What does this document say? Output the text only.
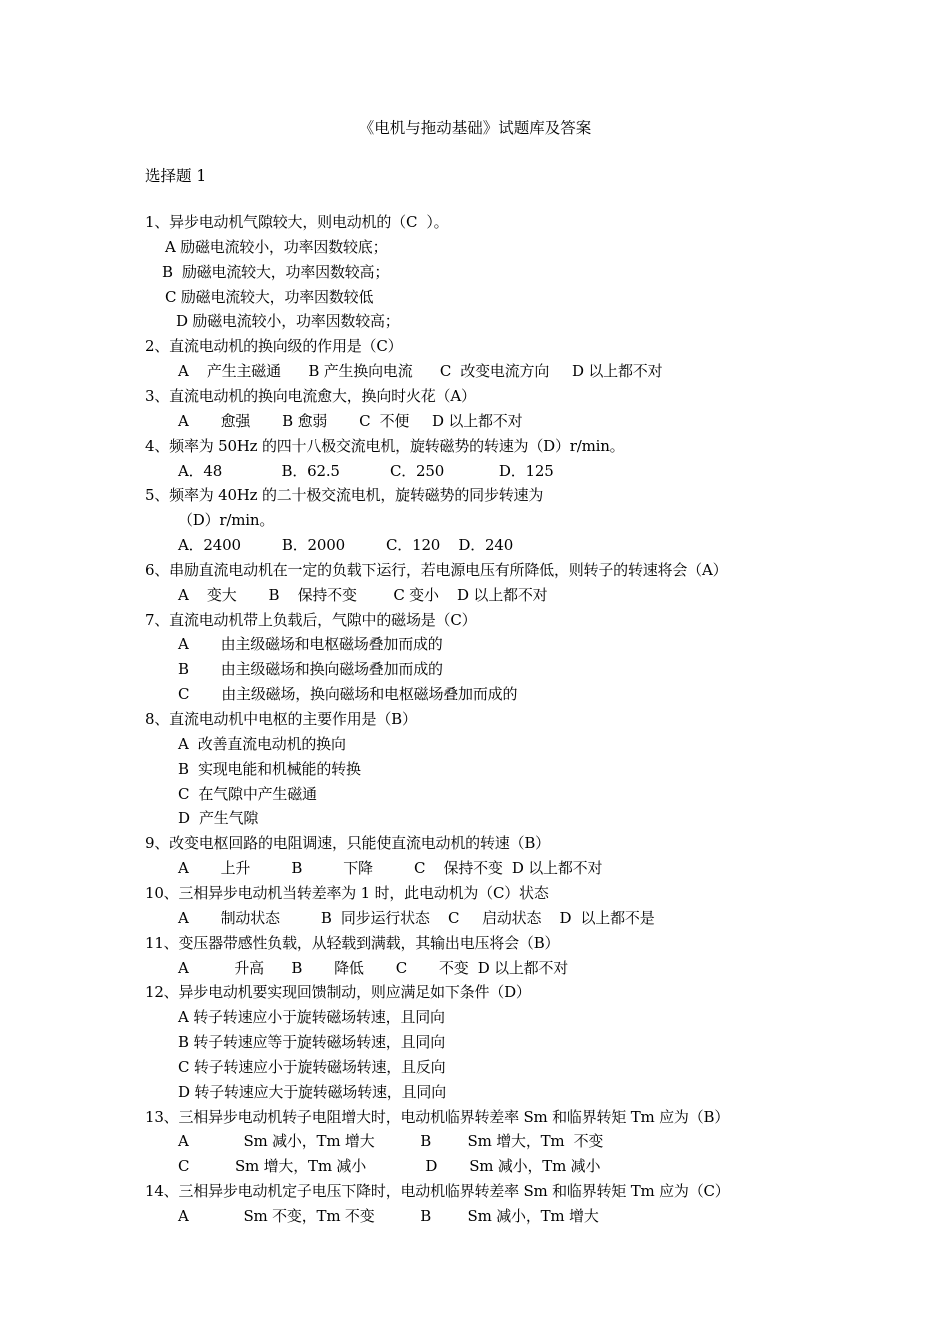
《电机与拖动基础》试题库及答案
选择题 1
1、异步电动机气隙较大，则电动机的（C  ）。
A 励磁电流较小，功率因数较底；
B  励磁电流较大，功率因数较高；
C 励磁电流较大，功率因数较低
D 励磁电流较小，功率因数较高；
2、直流电动机的换向级的作用是（C）
A    产生主磁通      B 产生换向电流      C  改变电流方向     D 以上都不对
3、直流电动机的换向电流愈大，换向时火花（A）
A       愈强       B 愈弱       C  不便     D 以上都不对
4、频率为 50Hz 的四十八极交流电机，旋转磁势的转速为（D）r/min。
A．48             B．62.5           C．250            D．125
5、频率为 40Hz 的二十极交流电机，旋转磁势的同步转速为
（D）r/min。
A．2400         B．2000         C．120    D．240
6、串励直流电动机在一定的负载下运行，若电源电压有所降低，则转子的转速将会（A）
A    变大       B    保持不变        C 变小    D 以上都不对
7、直流电动机带上负载后，气隙中的磁场是（C）
A       由主级磁场和电枢磁场叠加而成的
B       由主级磁场和换向磁场叠加而成的
C       由主级磁场，换向磁场和电枢磁场叠加而成的
8、直流电动机中电枢的主要作用是（B）
A  改善直流电动机的换向
B  实现电能和机械能的转换
C  在气隙中产生磁通
D  产生气隙
9、改变电枢回路的电阻调速，只能使直流电动机的转速（B）
A       上升         B         下降         C    保持不变  D 以上都不对
10、三相异步电动机当转差率为 1 时，此电动机为（C）状态
A       制动状态         B  同步运行状态    C     启动状态    D  以上都不是
11、变压器带感性负载，从轻载到满载，其输出电压将会（B）
A          升高      B       降低       C       不变  D 以上都不对
12、异步电动机要实现回馈制动，则应满足如下条件（D）
A 转子转速应小于旋转磁场转速，且同向
B 转子转速应等于旋转磁场转速，且同向
C 转子转速应小于旋转磁场转速，且反向
D 转子转速应大于旋转磁场转速，且同向
13、三相异步电动机转子电阻增大时，电动机临界转差率 Sm 和临界转矩 Tm 应为（B）
A            Sm 减小，Tm 增大          B        Sm 增大，Tm  不变
C          Sm 增大，Tm 减小             D       Sm 减小，Tm 减小
14、三相异步电动机定子电压下降时，电动机临界转差率 Sm 和临界转矩 Tm 应为（C）
A            Sm 不变，Tm 不变          B        Sm 减小，Tm 增大
